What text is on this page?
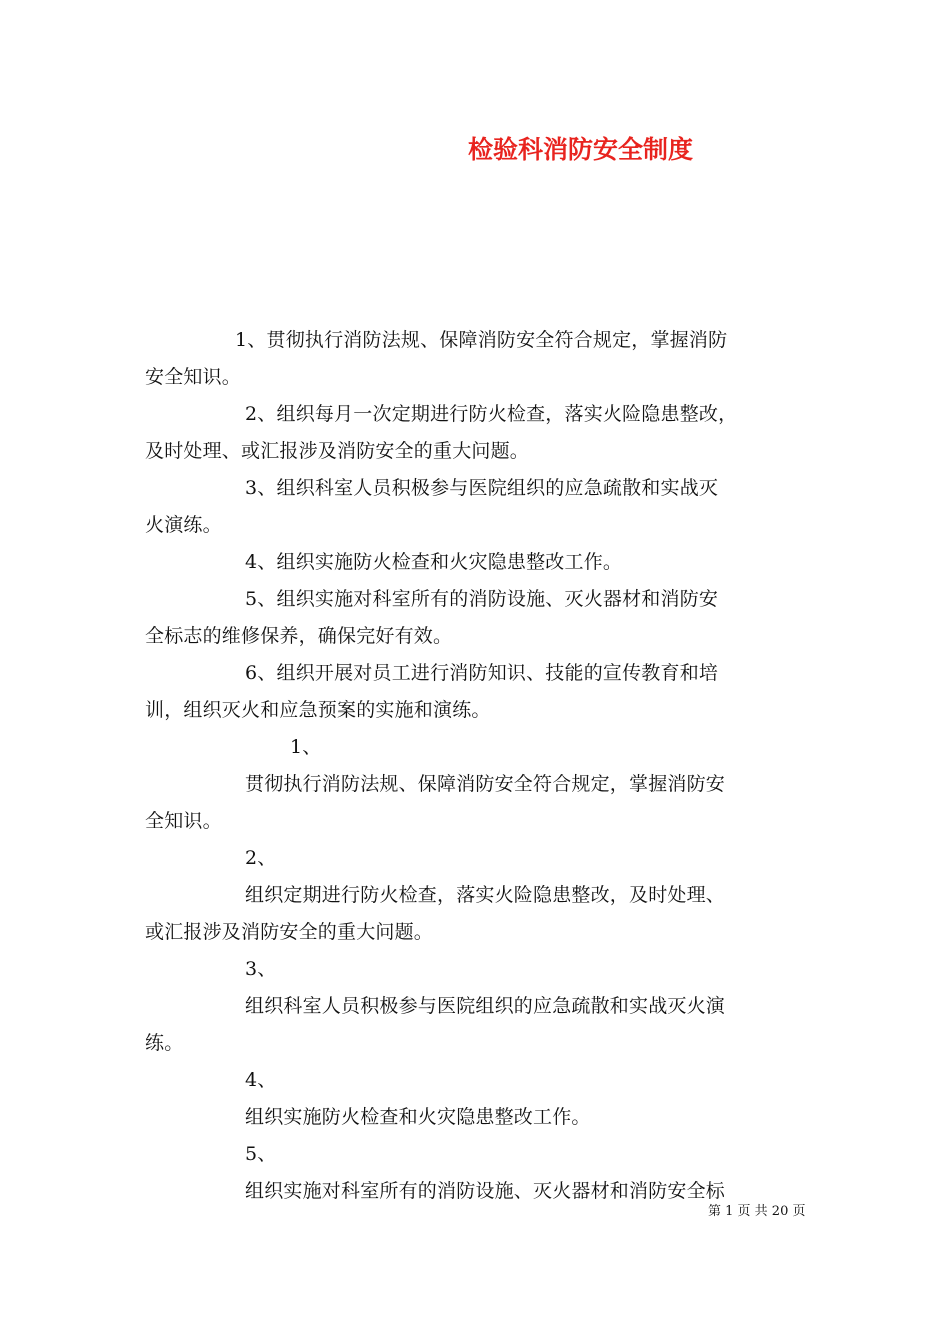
检验科消防安全制度
1、贯彻执行消防法规、保障消防安全符合规定，掌握消防
安全知识。
2、组织每月一次定期进行防火检查，落实火险隐患整改，
及时处理、或汇报涉及消防安全的重大问题。
3、组织科室人员积极参与医院组织的应急疏散和实战灭
火演练。
4、组织实施防火检查和火灾隐患整改工作。
5、组织实施对科室所有的消防设施、灭火器材和消防安
全标志的维修保养，确保完好有效。
6、组织开展对员工进行消防知识、技能的宣传教育和培
训，组织灭火和应急预案的实施和演练。
1、
贯彻执行消防法规、保障消防安全符合规定，掌握消防安
全知识。
2、
组织定期进行防火检查，落实火险隐患整改，及时处理、
或汇报涉及消防安全的重大问题。
3、
组织科室人员积极参与医院组织的应急疏散和实战灭火演
练。
4、
组织实施防火检查和火灾隐患整改工作。
5、
组织实施对科室所有的消防设施、灭火器材和消防安全标
第 1 页 共 20 页
